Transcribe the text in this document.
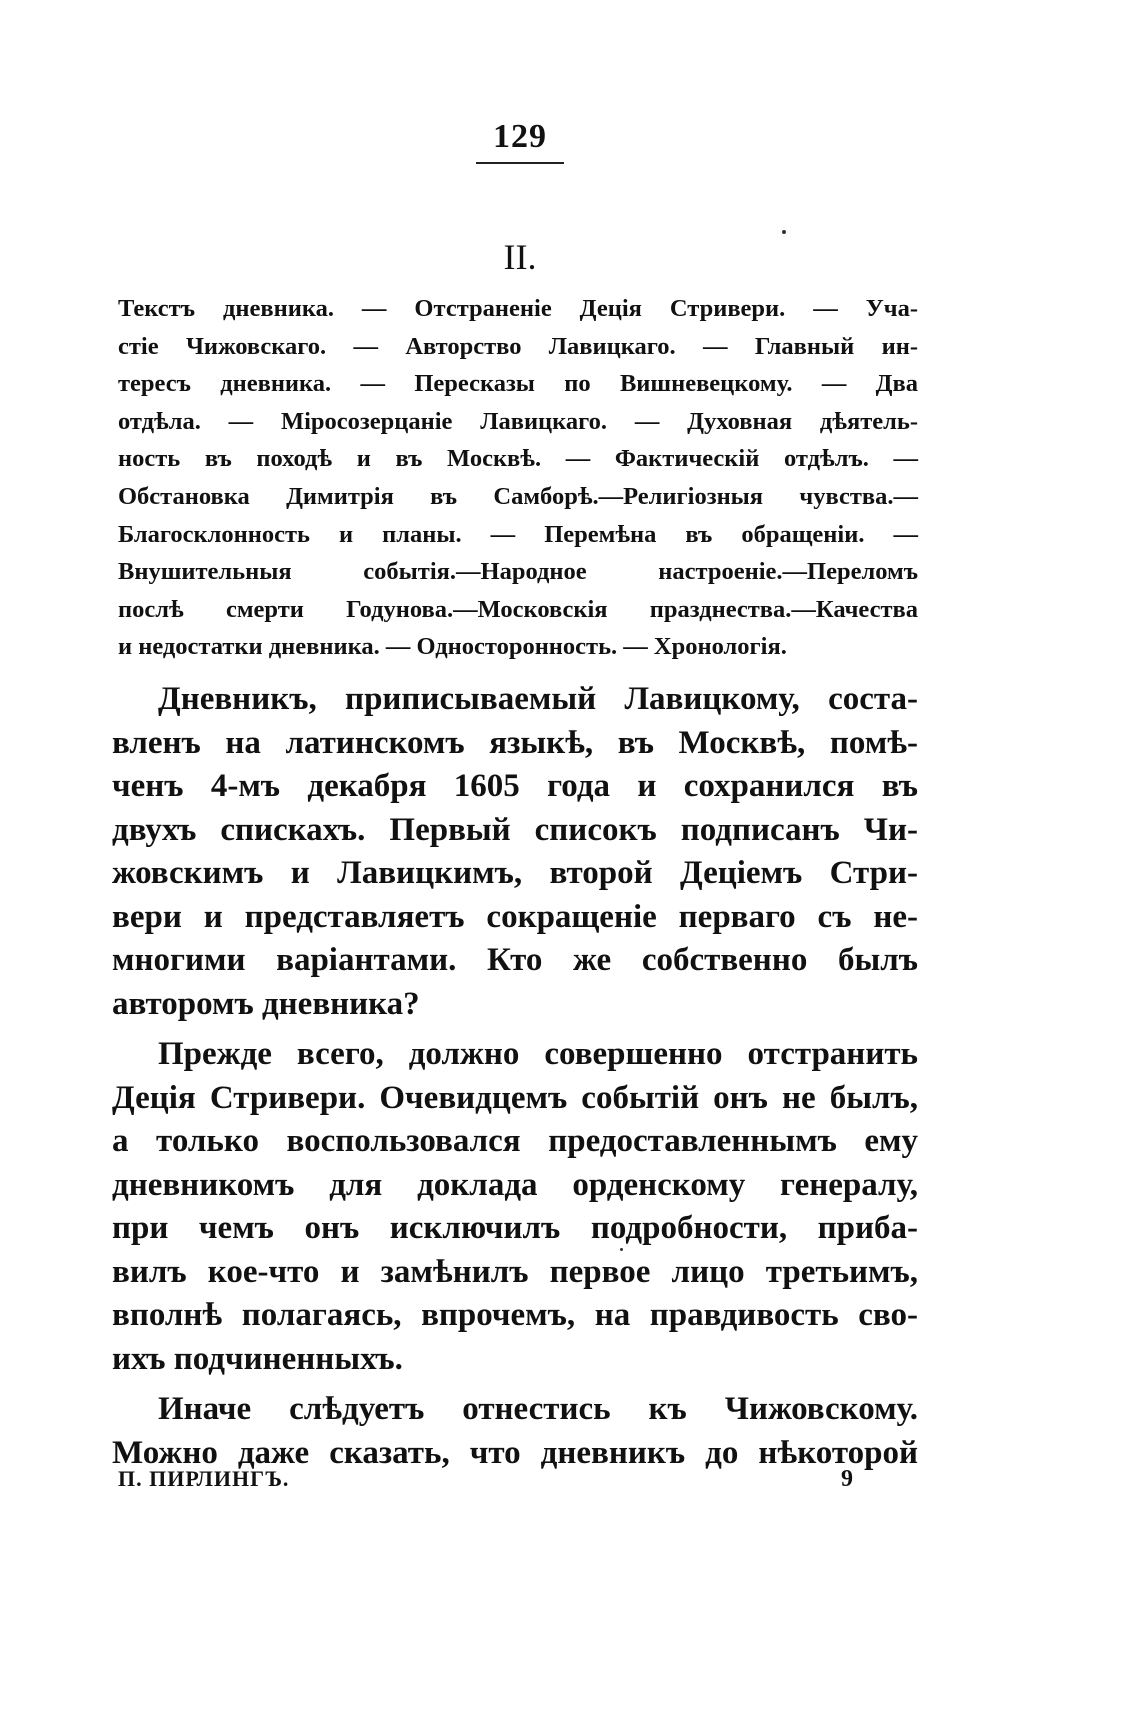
129
II.
Текстъ дневника. — Отстраненіе Децiя Стривери. — Уча-
стіе Чижовскаго. — Авторство Лавицкаго. — Главный ин-
тересъ дневника. — Пересказы по Вишневецкому. — Два
отдѣла. — Міросозерцаніе Лавицкаго. — Духовная дѣятель-
ность въ походѣ и въ Москвѣ. — Фактическій отдѣлъ. —
Обстановка Димитрія въ Самборѣ.—Религіозныя чувства.—
Благосклонность и планы. — Перемѣна въ обращеніи. —
Внушительныя событія.—Народное настроеніе.—Переломъ
послѣ смерти Годунова.—Московскія празднества.—Качества
и недостатки дневника. — Односторонность. — Хронологія.
Дневникъ, приписываемый Лавицкому, соста-
вленъ на латинскомъ языкѣ, въ Москвѣ, помѣ-
ченъ 4-мъ декабря 1605 года и сохранился въ
двухъ спискахъ. Первый списокъ подписанъ Чи-
жовскимъ и Лавицкимъ, второй Деціемъ Стри-
вери и представляетъ сокращеніе перваго съ не-
многими варіантами. Кто же собственно былъ
авторомъ дневника?
Прежде всего, должно совершенно отстранить
Децiя Стривери. Очевидцемъ событій онъ не былъ,
а только воспользовался предоставленнымъ ему
дневникомъ для доклада орденскому генералу,
при чемъ онъ исключилъ подробности, приба-
вилъ кое-что и замѣнилъ первое лицо третьимъ,
вполнѣ полагаясь, впрочемъ, на правдивость сво-
ихъ подчиненныхъ.
Иначе слѣдуетъ отнестись къ Чижовскому.
Можно даже сказать, что дневникъ до нѣкоторой
П. ПИРЛИНГЪ.	9
